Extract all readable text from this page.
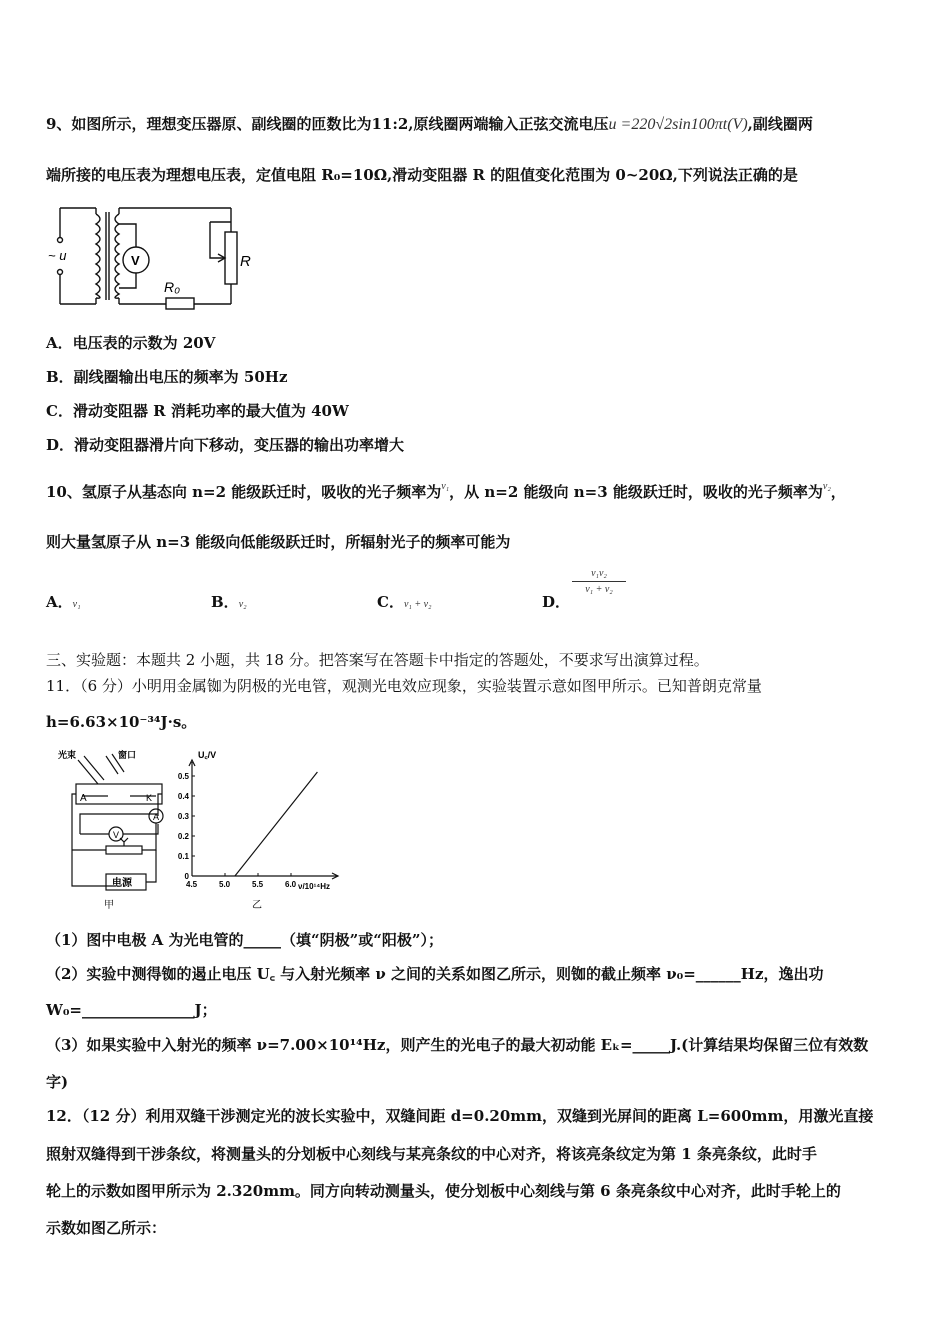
9、如图所示，理想变压器原、副线圈的匝数比为11:2,原线圈两端输入正弦交流电压u =220√2sin100πt(V),副线圈两
端所接的电压表为理想电压表，定值电阻 R₀=10Ω,滑动变阻器 R 的阻值变化范围为 0~20Ω,下列说法正确的是
~ u	V	R
R₀
A．电压表的示数为 20V
B．副线圈输出电压的频率为 50Hz
C．滑动变阻器 R 消耗功率的最大值为 40W
D．滑动变阻器滑片向下移动，变压器的输出功率增大
10、氢原子从基态向 n=2 能级跃迁时，吸收的光子频率为$^{\nu_1}$，从 n=2 能级向 n=3 能级跃迁时，吸收的光子频率为$^{\nu_2}$，
则大量氢原子从 n=3 能级向低能级跃迁时，所辐射光子的频率可能为
A．ν₁	B．ν₂	C．ν₁ + ν₂	D．
$\frac{\text{ν₁ν₂}}{\text{ν₁ + ν₂}}$
三、实验题：本题共 2 小题，共 18 分。把答案写在答题卡中指定的答题处，不要求写出演算过程。
11．（6 分）小明用金属铷为阴极的光电管，观测光电效应现象，实验装置示意如图甲所示。已知普朗克常量
h=6.63×10⁻³⁴J·s。
光束	窗口
A	K
V
A
电源
甲
U꜀/V
ν/10¹⁴Hz
乙
4.5	5.0	5.5	6.0
0
0.1
0.2
0.3
0.4
0.5
（1）图中电极 A 为光电管的_____（填“阴极”或“阳极”）；
（2）实验中测得铷的遏止电压 U꜀ 与入射光频率 ν 之间的关系如图乙所示，则铷的截止频率 ν₀=______Hz，逸出功
W₀=_______________J；
（3）如果实验中入射光的频率 ν=7.00×10¹⁴Hz，则产生的光电子的最大初动能 Eₖ=_____J.(计算结果均保留三位有效数
字)
12．（12 分）利用双缝干涉测定光的波长实验中，双缝间距 d=0.20mm，双缝到光屏间的距离 L=600mm，用激光直接
照射双缝得到干涉条纹，将测量头的分划板中心刻线与某亮条纹的中心对齐，将该亮条纹定为第 1 条亮条纹，此时手
轮上的示数如图甲所示为 2.320mm。同方向转动测量头，使分划板中心刻线与第 6 条亮条纹中心对齐，此时手轮上的
示数如图乙所示：
